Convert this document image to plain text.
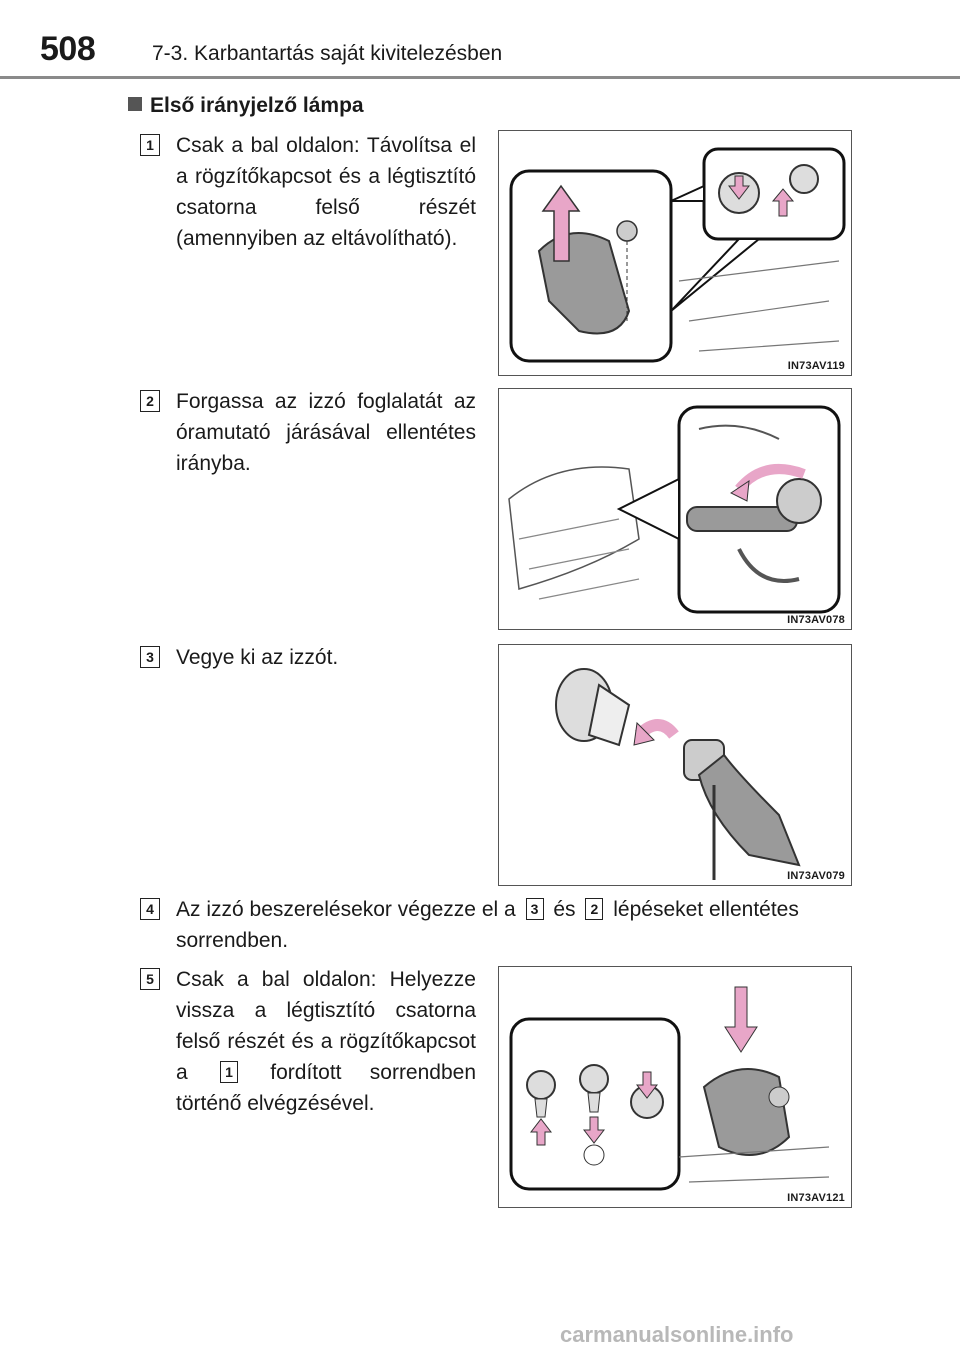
508	7-3. Karbantartás saját kivitelezésben
Első irányjelző lámpa
1 Csak a bal oldalon: Távolítsa el a rögzítőkapcsot és a légtisztító csatorna felső részét (amennyiben az eltávolítható).
IN73AV119
2 Forgassa az izzó foglalatát az óramutató járásával ellentétes irányba.
IN73AV078
3 Vegye ki az izzót.
IN73AV079
4 Az izzó beszerelésekor végezze el a 3 és 2 lépéseket ellentétes sorrendben.
5 Csak a bal oldalon: Helyezze vissza a légtisztító csatorna felső részét és a rögzítőkapcsot a	1 fordított sorrendben történő elvégzésével.
IN73AV121
carmanualsonline.info
